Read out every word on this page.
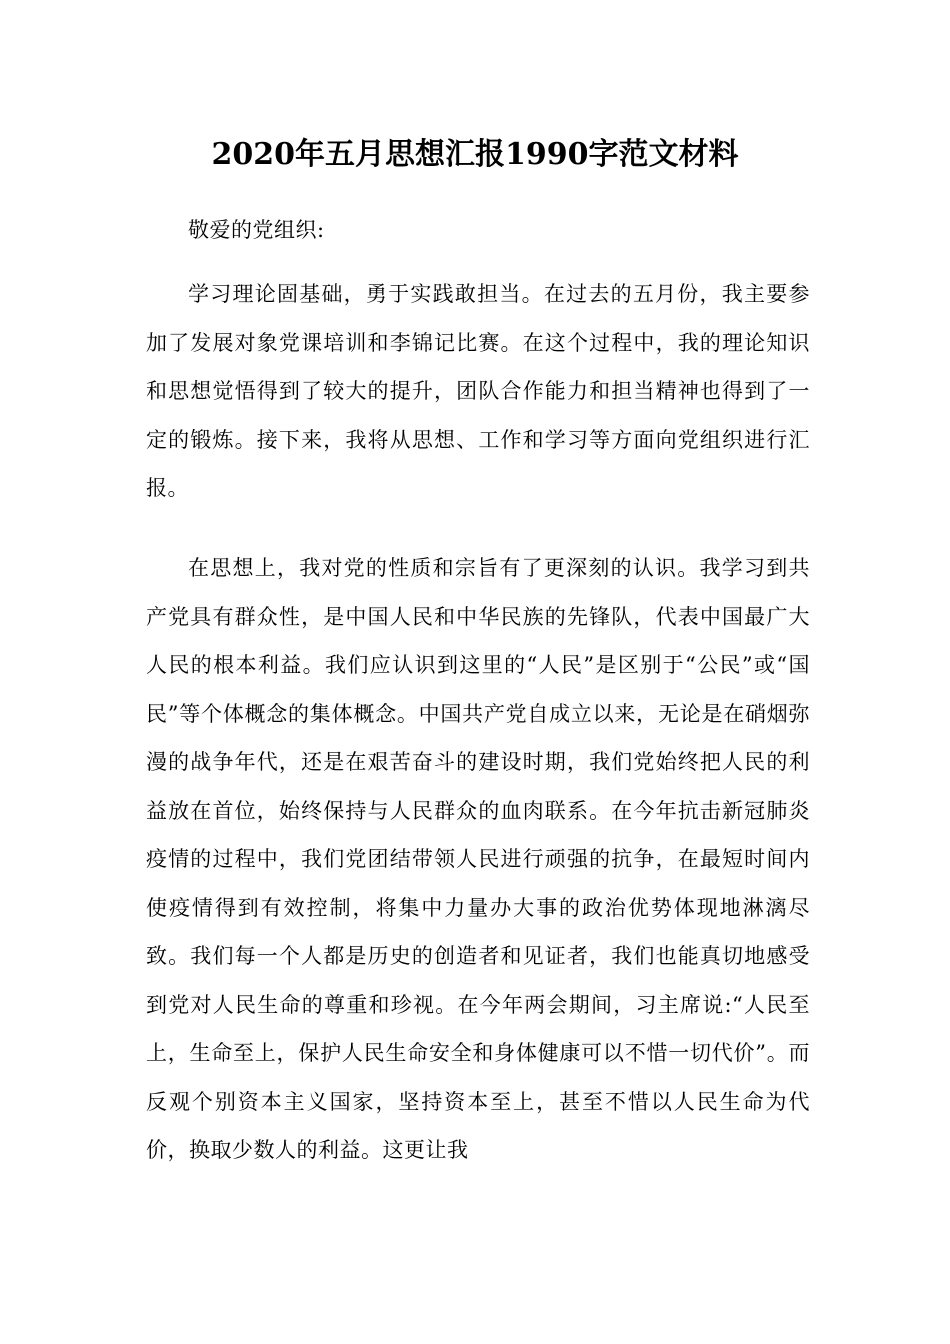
2020年五月思想汇报1990字范文材料
敬爱的党组织:

学习理论固基础，勇于实践敢担当。在过去的五月份，我主要参加了发展对象党课培训和李锦记比赛。在这个过程中，我的理论知识和思想觉悟得到了较大的提升，团队合作能力和担当精神也得到了一定的锻炼。接下来，我将从思想、工作和学习等方面向党组织进行汇报。

在思想上，我对党的性质和宗旨有了更深刻的认识。我学习到共产党具有群众性，是中国人民和中华民族的先锋队，代表中国最广大人民的根本利益。我们应认识到这里的“人民”是区别于“公民”或“国民”等个体概念的集体概念。中国共产党自成立以来，无论是在硝烟弥漫的战争年代，还是在艰苦奋斗的建设时期，我们党始终把人民的利益放在首位，始终保持与人民群众的血肉联系。在今年抗击新冠肺炎疫情的过程中，我们党团结带领人民进行顽强的抗争，在最短时间内使疫情得到有效控制，将集中力量办大事的政治优势体现地淋漓尽致。我们每一个人都是历史的创造者和见证者，我们也能真切地感受到党对人民生命的尊重和珍视。在今年两会期间，习主席说:“人民至上，生命至上，保护人民生命安全和身体健康可以不惜一切代价”。而反观个别资本主义国家，坚持资本至上，甚至不惜以人民生命为代价，换取少数人的利益。这更让我
